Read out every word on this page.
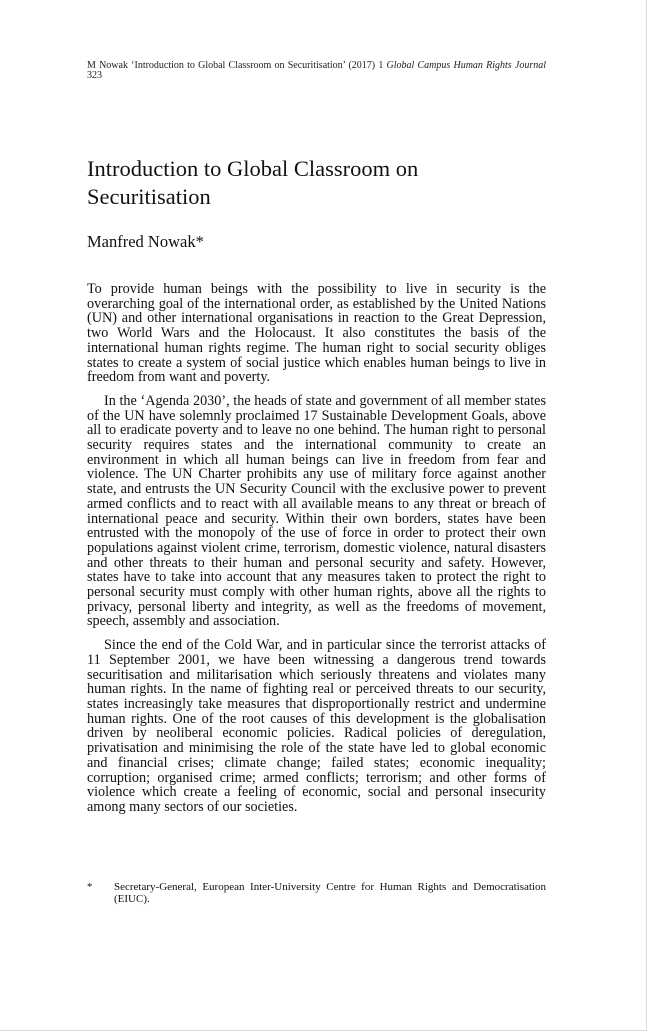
M Nowak ‘Introduction to Global Classroom on Securitisation’ (2017) 1 Global Campus Human Rights Journal 323
Introduction to Global Classroom on Securitisation
Manfred Nowak*

To provide human beings with the possibility to live in security is the overarching goal of the international order, as established by the United Nations (UN) and other international organisations in reaction to the Great Depression, two World Wars and the Holocaust. It also constitutes the basis of the international human rights regime. The human right to social security obliges states to create a system of social justice which enables human beings to live in freedom from want and poverty.

In the ‘Agenda 2030’, the heads of state and government of all member states of the UN have solemnly proclaimed 17 Sustainable Development Goals, above all to eradicate poverty and to leave no one behind. The human right to personal security requires states and the international community to create an environment in which all human beings can live in freedom from fear and violence. The UN Charter prohibits any use of military force against another state, and entrusts the UN Security Council with the exclusive power to prevent armed conflicts and to react with all available means to any threat or breach of international peace and security. Within their own borders, states have been entrusted with the monopoly of the use of force in order to protect their own populations against violent crime, terrorism, domestic violence, natural disasters and other threats to their human and personal security and safety. However, states have to take into account that any measures taken to protect the right to personal security must comply with other human rights, above all the rights to privacy, personal liberty and integrity, as well as the freedoms of movement, speech, assembly and association.

Since the end of the Cold War, and in particular since the terrorist attacks of 11 September 2001, we have been witnessing a dangerous trend towards securitisation and militarisation which seriously threatens and violates many human rights. In the name of fighting real or perceived threats to our security, states increasingly take measures that disproportionally restrict and undermine human rights. One of the root causes of this development is the globalisation driven by neoliberal economic policies. Radical policies of deregulation, privatisation and minimising the role of the state have led to global economic and financial crises; climate change; failed states; economic inequality; corruption; organised crime; armed conflicts; terrorism; and other forms of violence which create a feeling of economic, social and personal insecurity among many sectors of our societies.

*	Secretary-General, European Inter-University Centre for Human Rights and Democratisation (EIUC).
